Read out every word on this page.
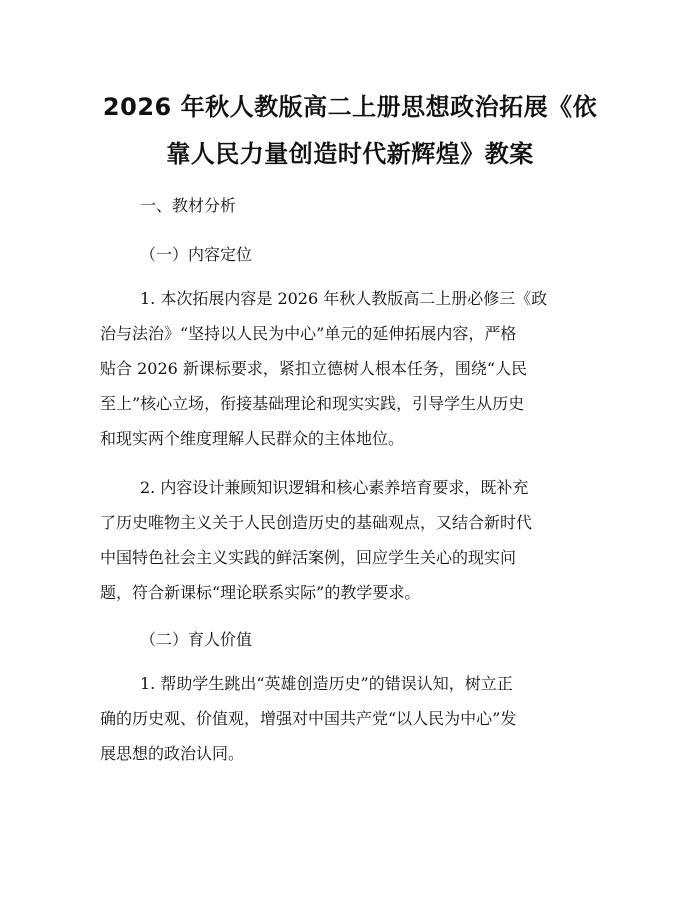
2026 年秋人教版高二上册思想政治拓展《依
靠人民力量创造时代新辉煌》教案

一、教材分析

（一）内容定位

1. 本次拓展内容是 2026 年秋人教版高二上册必修三《政
治与法治》“坚持以人民为中心”单元的延伸拓展内容，严格
贴合 2026 新课标要求，紧扣立德树人根本任务，围绕“人民
至上”核心立场，衔接基础理论和现实实践，引导学生从历史
和现实两个维度理解人民群众的主体地位。
2. 内容设计兼顾知识逻辑和核心素养培育要求，既补充
了历史唯物主义关于人民创造历史的基础观点，又结合新时代
中国特色社会主义实践的鲜活案例，回应学生关心的现实问
题，符合新课标“理论联系实际”的教学要求。

（二）育人价值

1. 帮助学生跳出“英雄创造历史”的错误认知，树立正
确的历史观、价值观，增强对中国共产党“以人民为中心”发
展思想的政治认同。
